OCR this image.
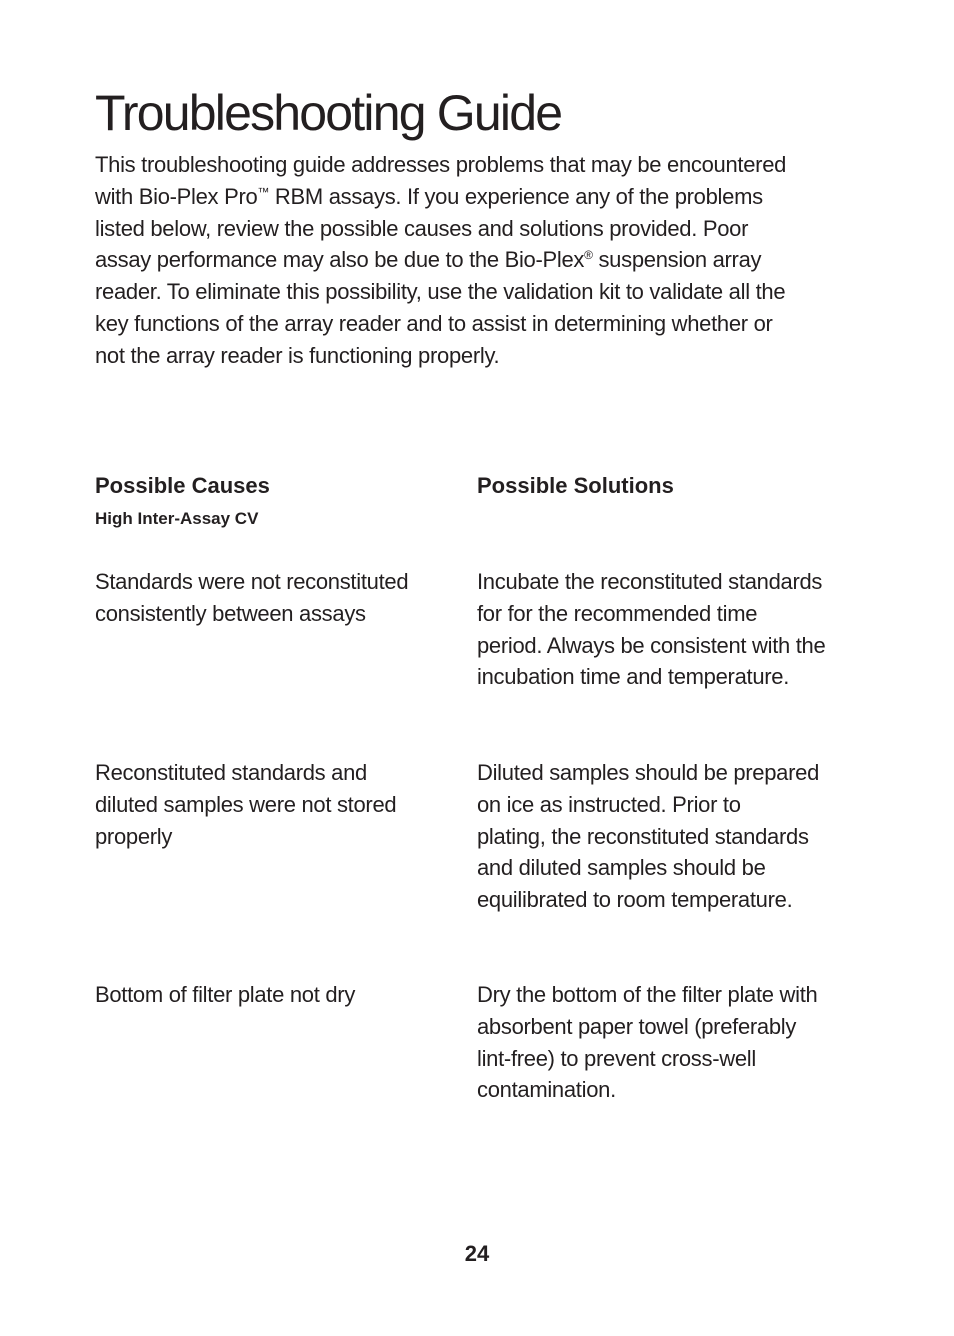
Troubleshooting Guide

This troubleshooting guide addresses problems that may be encountered
with Bio-Plex Pro™ RBM assays. If you experience any of the problems
listed below, review the possible causes and solutions provided. Poor
assay performance may also be due to the Bio-Plex® suspension array
reader. To eliminate this possibility, use the validation kit to validate all the
key functions of the array reader and to assist in determining whether or
not the array reader is functioning properly.

Possible Causes	Possible Solutions
High Inter-Assay CV
Standards were not reconstituted
consistently between assays
Incubate the reconstituted standards
for for the recommended time
period. Always be consistent with the
incubation time and temperature.
Reconstituted standards and
diluted samples were not stored
properly
Diluted samples should be prepared
on ice as instructed. Prior to
plating, the reconstituted standards
and diluted samples should be
equilibrated to room temperature.
Bottom of filter plate not dry	Dry the bottom of the filter plate with
absorbent paper towel (preferably
lint-free) to prevent cross-well
contamination.
24
